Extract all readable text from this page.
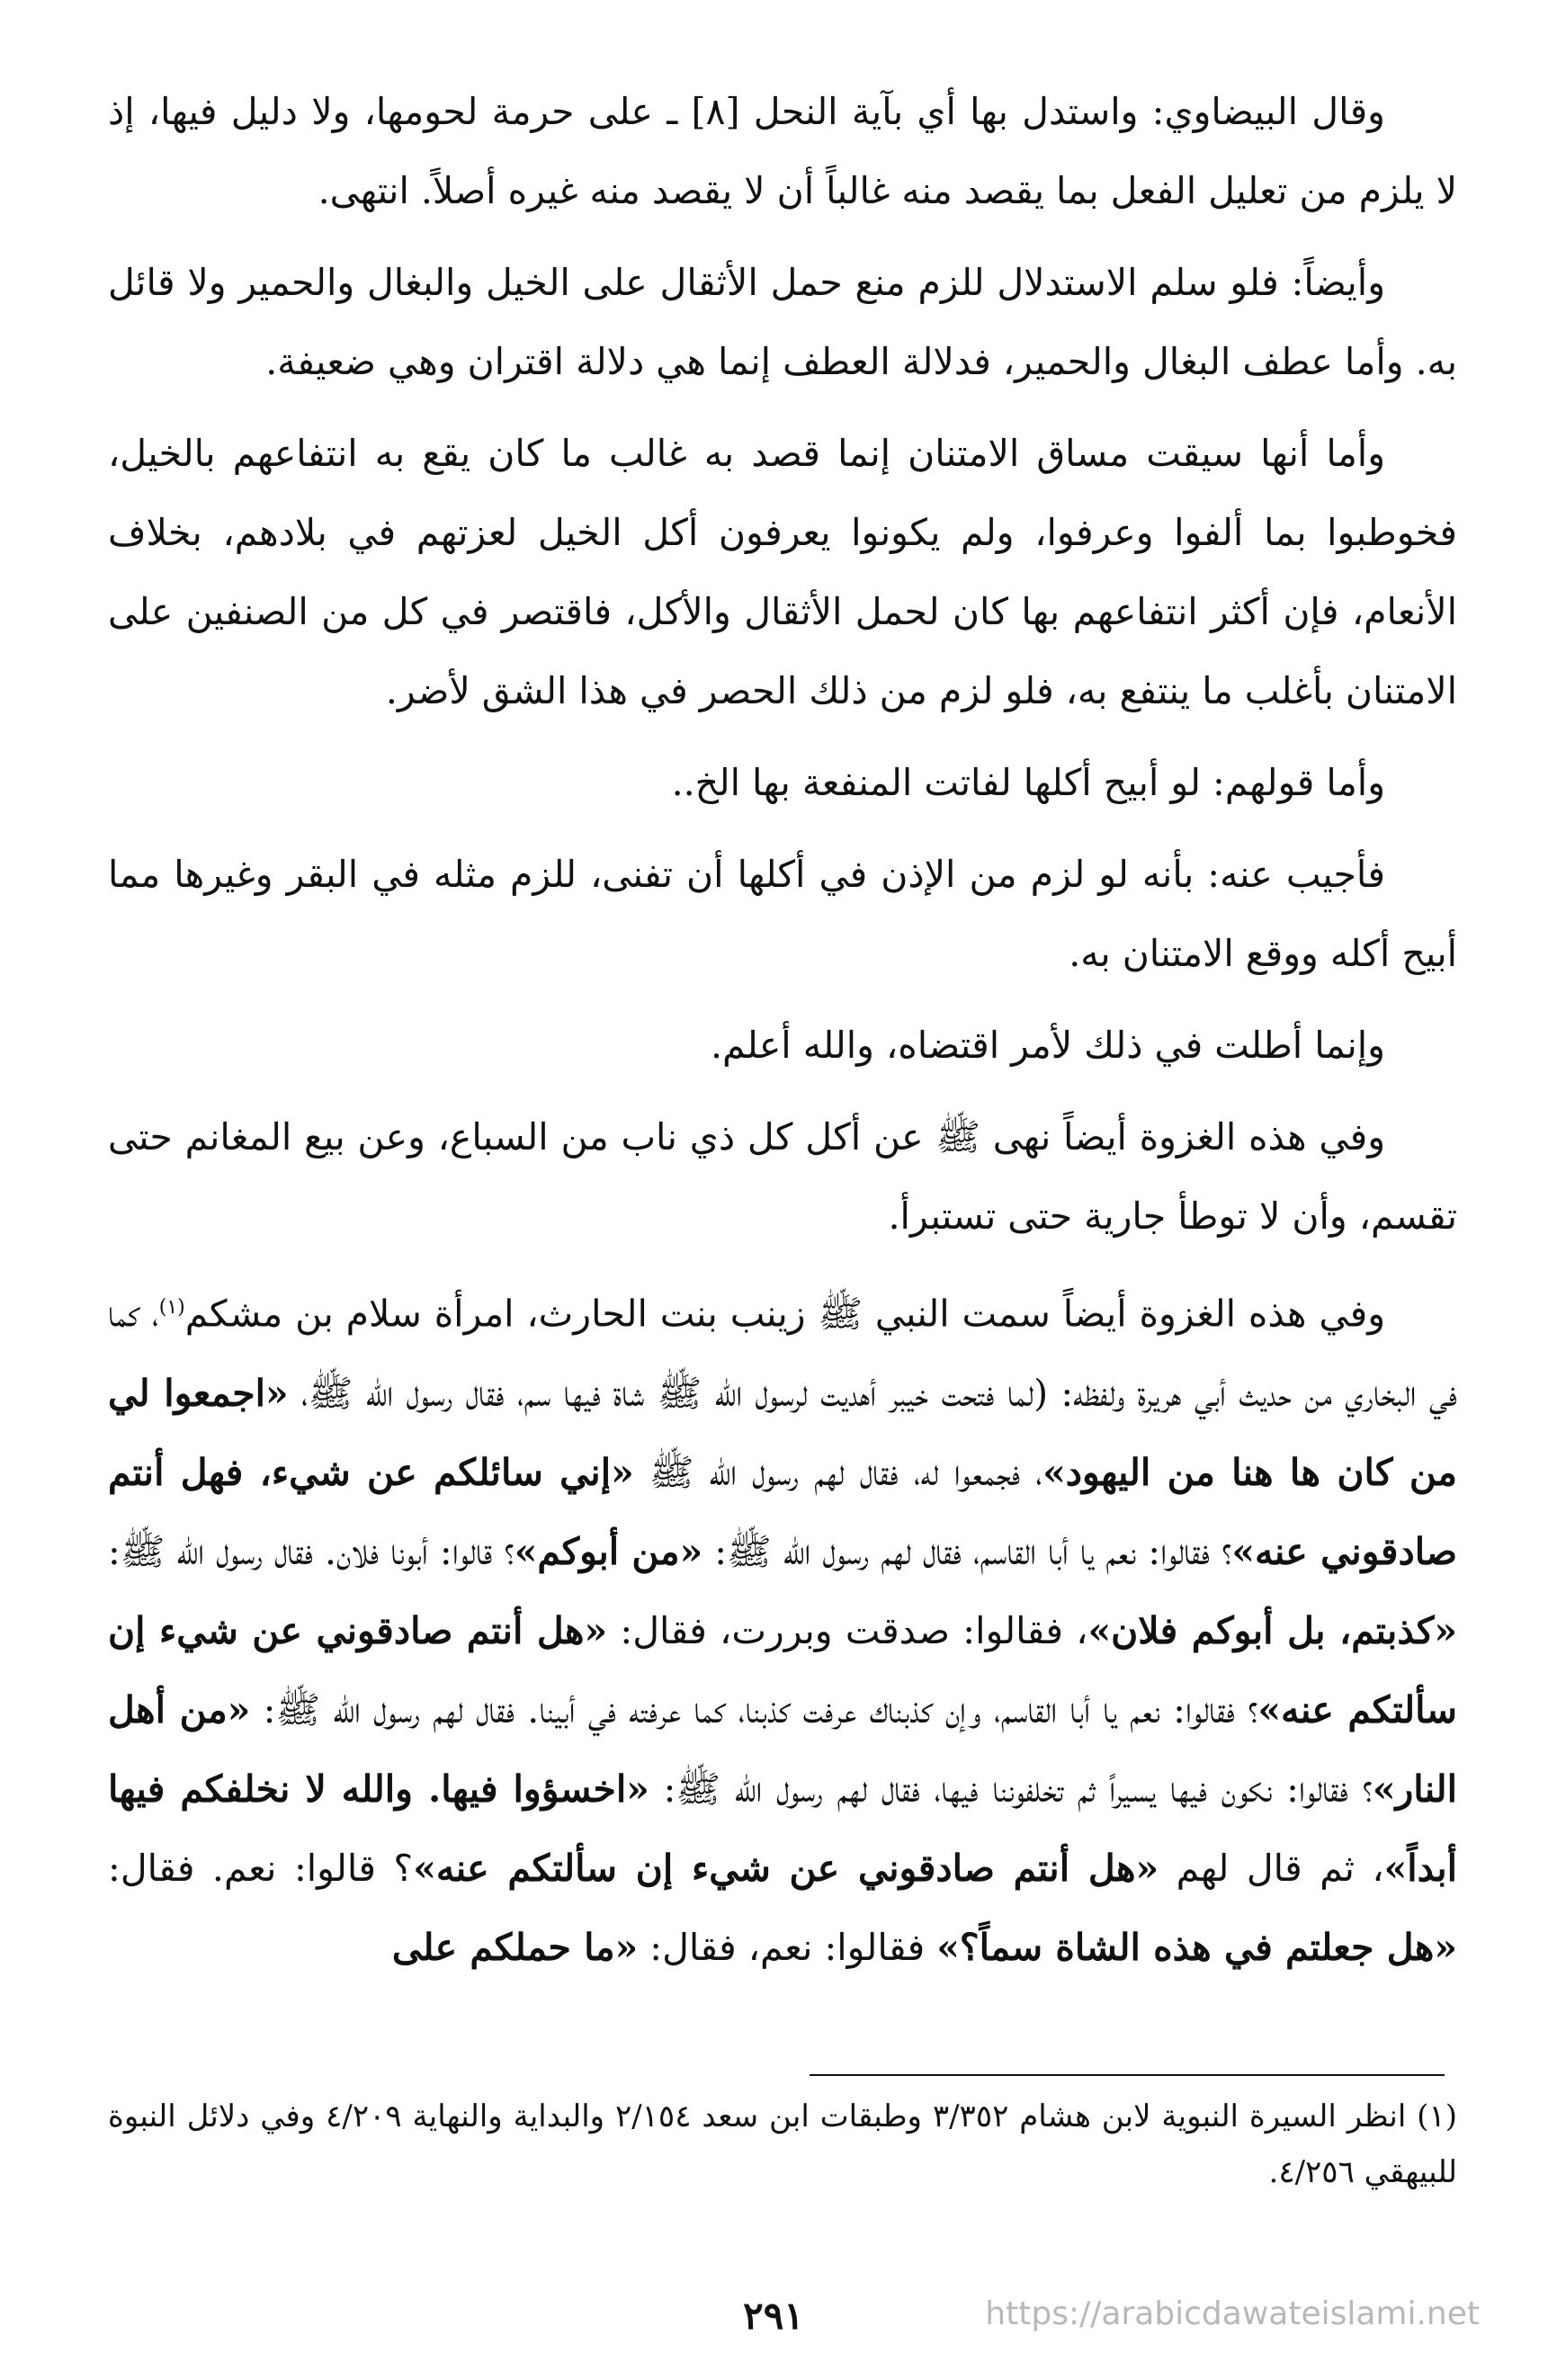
وقال البيضاوي: واستدل بها أي بآية النحل [٨] ـ على حرمة لحومها، ولا دليل فيها، إذ لا يلزم من تعليل الفعل بما يقصد منه غالباً أن لا يقصد منه غيره أصلاً. انتهى.

وأيضاً: فلو سلم الاستدلال للزم منع حمل الأثقال على الخيل والبغال والحمير ولا قائل به. وأما عطف البغال والحمير، فدلالة العطف إنما هي دلالة اقتران وهي ضعيفة.

وأما أنها سيقت مساق الامتنان إنما قصد به غالب ما كان يقع به انتفاعهم بالخيل، فخوطبوا بما ألفوا وعرفوا، ولم يكونوا يعرفون أكل الخيل لعزتهم في بلادهم، بخلاف الأنعام، فإن أكثر انتفاعهم بها كان لحمل الأثقال والأكل، فاقتصر في كل من الصنفين على الامتنان بأغلب ما ينتفع به، فلو لزم من ذلك الحصر في هذا الشق لأضر.

وأما قولهم: لو أبيح أكلها لفاتت المنفعة بها الخ..

فأجيب عنه: بأنه لو لزم من الإذن في أكلها أن تفنى، للزم مثله في البقر وغيرها مما أبيح أكله ووقع الامتنان به.

وإنما أطلت في ذلك لأمر اقتضاه، والله أعلم.

وفي هذه الغزوة أيضاً نهى ﷺ عن أكل كل ذي ناب من السباع، وعن بيع المغانم حتى تقسم، وأن لا توطأ جارية حتى تستبرأ.

وفي هذه الغزوة أيضاً سمت النبي ﷺ زينب بنت الحارث، امرأة سلام بن مشكم$^{(١)}$، كما في البخاري من حديث أبي هريرة ولفظه: (لما فتحت خيبر أهديت لرسول الله ﷺ شاة فيها سم، فقال رسول الله ﷺ، «اجمعوا لي من كان ها هنا من اليهود»، فجمعوا له، فقال لهم رسول الله ﷺ «إني سائلكم عن شيء، فهل أنتم صادقوني عنه»؟ فقالوا: نعم يا أبا القاسم، فقال لهم رسول الله ﷺ: «من أبوكم»؟ قالوا: أبونا فلان. فقال رسول الله ﷺ: «كذبتم، بل أبوكم فلان»، فقالوا: صدقت وبررت، فقال: «هل أنتم صادقوني عن شيء إن سألتكم عنه»؟ فقالوا: نعم يا أبا القاسم، وإن كذبناك عرفت كذبنا، كما عرفته في أبينا. فقال لهم رسول الله ﷺ: «من أهل النار»؟ فقالوا: نكون فيها يسيراً ثم تخلفوننا فيها، فقال لهم رسول الله ﷺ: «اخسؤوا فيها. والله لا نخلفكم فيها أبداً»، ثم قال لهم «هل أنتم صادقوني عن شيء إن سألتكم عنه»؟ قالوا: نعم. فقال: «هل جعلتم في هذه الشاة سماً؟» فقالوا: نعم، فقال: «ما حملكم على

(١) انظر السيرة النبوية لابن هشام ٣/٣٥٢ وطبقات ابن سعد ٢/١٥٤ والبداية والنهاية ٤/٢٠٩ وفي دلائل النبوة للبيهقي ٤/٢٥٦.
٢٩١	https://arabicdawateislami.net
